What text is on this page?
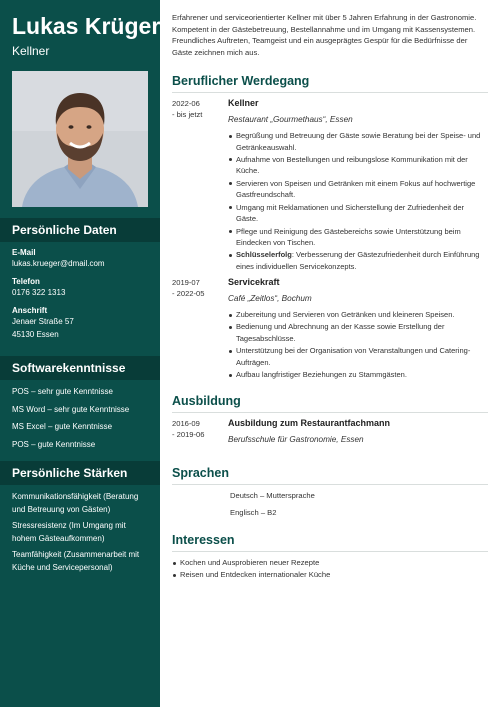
Lukas Krüger
Kellner
Persönliche Daten
E-Mail
lukas.krueger@dmail.com
Telefon
0176 322 1313
Anschrift
Jenaer Straße 57
45130 Essen
Softwarekenntnisse
POS – sehr gute Kenntnisse
MS Word – sehr gute Kenntnisse
MS Excel – gute Kenntnisse
POS – gute Kenntnisse
Persönliche Stärken
Kommunikationsfähigkeit (Beratung und Betreuung von Gästen)
Stressresistenz (Im Umgang mit hohem Gästeaufkommen)
Teamfähigkeit (Zusammenarbeit mit Küche und Servicepersonal)
Erfahrener und serviceorientierter Kellner mit über 5 Jahren Erfahrung in der Gastronomie. Kompetent in der Gästebetreuung, Bestellannahme und im Umgang mit Kassensystemen. Freundliches Auftreten, Teamgeist und ein ausgeprägtes Gespür für die Bedürfnisse der Gäste zeichnen mich aus.
Beruflicher Werdegang
2022-06
- bis jetzt
Kellner
Restaurant „Gourmethaus“, Essen
Begrüßung und Betreuung der Gäste sowie Beratung bei der Speise- und Getränkeauswahl.
Aufnahme von Bestellungen und reibungslose Kommunikation mit der Küche.
Servieren von Speisen und Getränken mit einem Fokus auf hochwertige Gastfreundschaft.
Umgang mit Reklamationen und Sicherstellung der Zufriedenheit der Gäste.
Pflege und Reinigung des Gästebereichs sowie Unterstützung beim Eindecken von Tischen.
Schlüsselerfolg: Verbesserung der Gästezufriedenheit durch Einführung eines individuellen Servicekonzepts.
2019-07
- 2022-05
Servicekraft
Café „Zeitlos“, Bochum
Zubereitung und Servieren von Getränken und kleineren Speisen.
Bedienung und Abrechnung an der Kasse sowie Erstellung der Tagesabschlüsse.
Unterstützung bei der Organisation von Veranstaltungen und Catering-Aufträgen.
Aufbau langfristiger Beziehungen zu Stammgästen.
Ausbildung
2016-09
- 2019-06
Ausbildung zum Restaurantfachmann
Berufsschule für Gastronomie, Essen
Sprachen
Deutsch – Muttersprache
Englisch – B2
Interessen
Kochen und Ausprobieren neuer Rezepte
Reisen und Entdecken internationaler Küche
